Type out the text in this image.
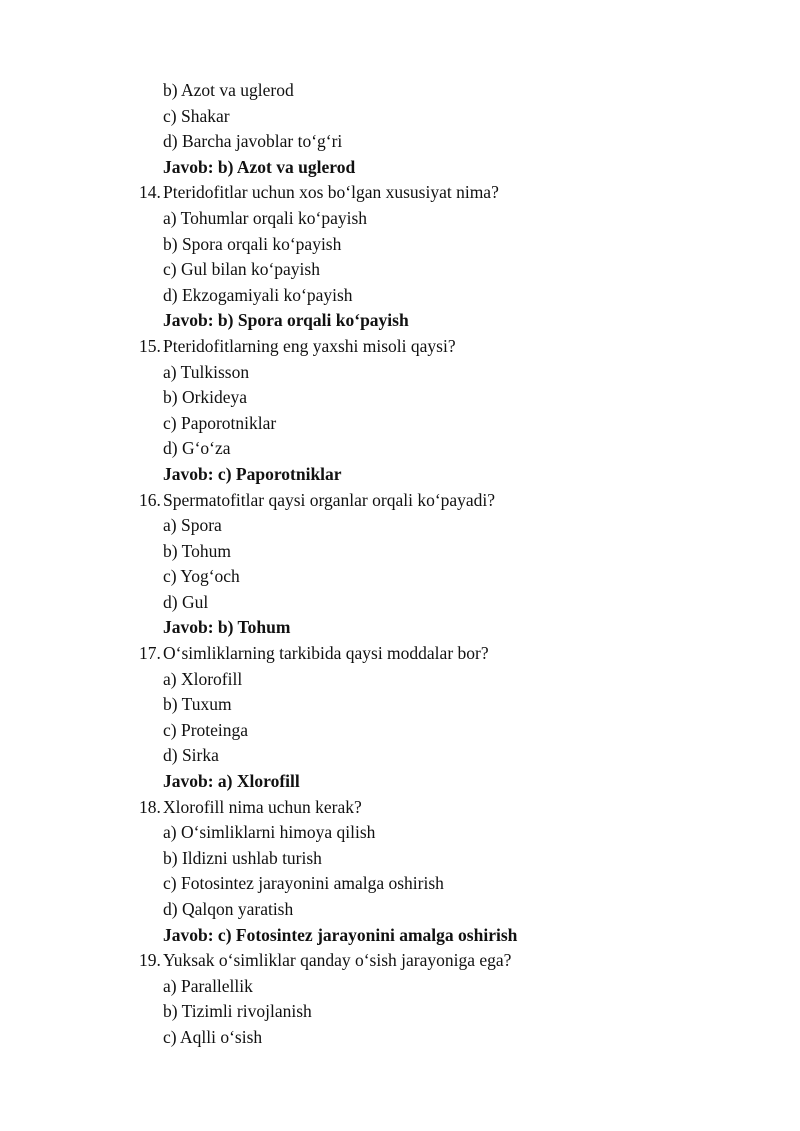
b) Azot va uglerod
c) Shakar
d) Barcha javoblar to‘g‘ri
Javob: b) Azot va uglerod
14. Pteridofitlar uchun xos bo‘lgan xususiyat nima?
a) Tohumlar orqali ko‘payish
b) Spora orqali ko‘payish
c) Gul bilan ko‘payish
d) Ekzogamiyali ko‘payish
Javob: b) Spora orqali ko‘payish
15. Pteridofitlarning eng yaxshi misoli qaysi?
a) Tulkisson
b) Orkideya
c) Paporotniklar
d) G‘o‘za
Javob: c) Paporotniklar
16. Spermatofitlar qaysi organlar orqali ko‘payadi?
a) Spora
b) Tohum
c) Yog‘och
d) Gul
Javob: b) Tohum
17. O‘simliklarning tarkibida qaysi moddalar bor?
a) Xlorofill
b) Tuxum
c) Proteinga
d) Sirka
Javob: a) Xlorofill
18. Xlorofill nima uchun kerak?
a) O‘simliklarni himoya qilish
b) Ildizni ushlab turish
c) Fotosintez jarayonini amalga oshirish
d) Qalqon yaratish
Javob: c) Fotosintez jarayonini amalga oshirish
19. Yuksak o‘simliklar qanday o‘sish jarayoniga ega?
a) Parallellik
b) Tizimli rivojlanish
c) Aqlli o‘sish
